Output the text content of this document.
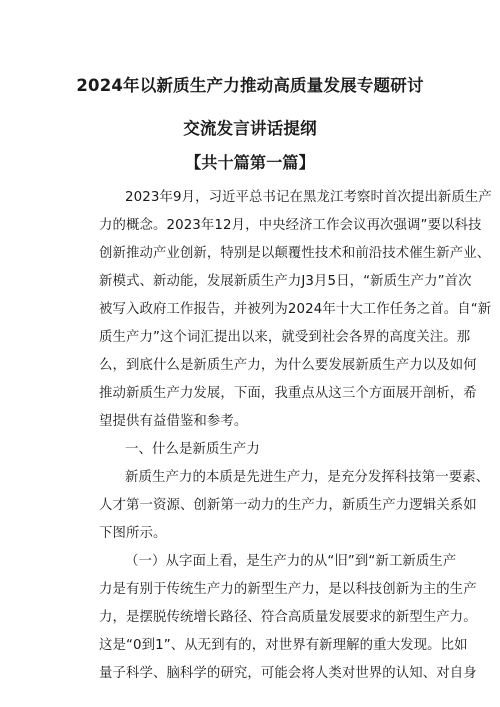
2024年以新质生产力推动高质量发展专题研讨
交流发言讲话提纲
【共十篇第一篇】
2023年9月，习近平总书记在黑龙江考察时首次提出新质生产
力的概念。2023年12月，中央经济工作会议再次强调”要以科技
创新推动产业创新，特别是以颠覆性技术和前沿技术催生新产业、
新模式、新动能，发展新质生产力J3月5日，“新质生产力”首次
被写入政府工作报告，并被列为2024年十大工作任务之首。自“新
质生产力”这个词汇提出以来，就受到社会各界的高度关注。那
么，到底什么是新质生产力，为什么要发展新质生产力以及如何
推动新质生产力发展，下面，我重点从这三个方面展开剖析，希
望提供有益借鉴和参考。
一、什么是新质生产力
新质生产力的本质是先进生产力，是充分发挥科技第一要素、
人才第一资源、创新第一动力的生产力，新质生产力逻辑关系如
下图所示。
（一）从字面上看，是生产力的从“旧”到“新工新质生产
力是有别于传统生产力的新型生产力，是以科技创新为主的生产
力，是摆脱传统增长路径、符合高质量发展要求的新型生产力。
这是“0到1”、从无到有的，对世界有新理解的重大发现。比如
量子科学、脑科学的研究，可能会将人类对世界的认知、对自身
